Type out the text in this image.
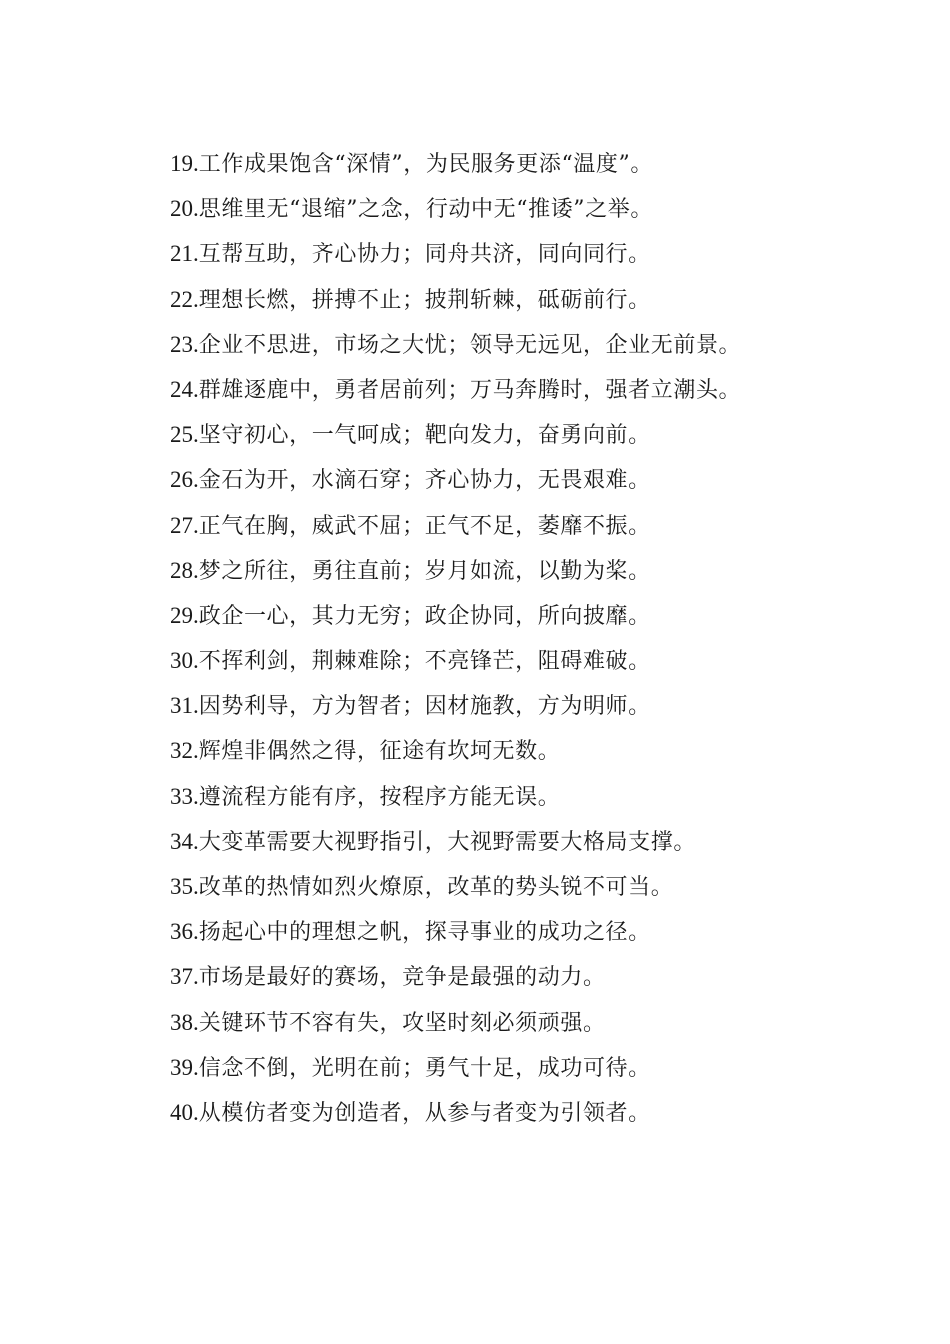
19.工作成果饱含“深情”，为民服务更添“温度”。
20.思维里无“退缩”之念，行动中无“推诿”之举。
21.互帮互助，齐心协力；同舟共济，同向同行。
22.理想长燃，拼搏不止；披荆斩棘，砥砺前行。
23.企业不思进，市场之大忧；领导无远见，企业无前景。
24.群雄逐鹿中，勇者居前列；万马奔腾时，强者立潮头。
25.坚守初心，一气呵成；靶向发力，奋勇向前。
26.金石为开，水滴石穿；齐心协力，无畏艰难。
27.正气在胸，威武不屈；正气不足，萎靡不振。
28.梦之所往，勇往直前；岁月如流，以勤为桨。
29.政企一心，其力无穷；政企协同，所向披靡。
30.不挥利剑，荆棘难除；不亮锋芒，阻碍难破。
31.因势利导，方为智者；因材施教，方为明师。
32.辉煌非偶然之得，征途有坎坷无数。
33.遵流程方能有序，按程序方能无误。
34.大变革需要大视野指引，大视野需要大格局支撑。
35.改革的热情如烈火燎原，改革的势头锐不可当。
36.扬起心中的理想之帆，探寻事业的成功之径。
37.市场是最好的赛场，竞争是最强的动力。
38.关键环节不容有失，攻坚时刻必须顽强。
39.信念不倒，光明在前；勇气十足，成功可待。
40.从模仿者变为创造者，从参与者变为引领者。
